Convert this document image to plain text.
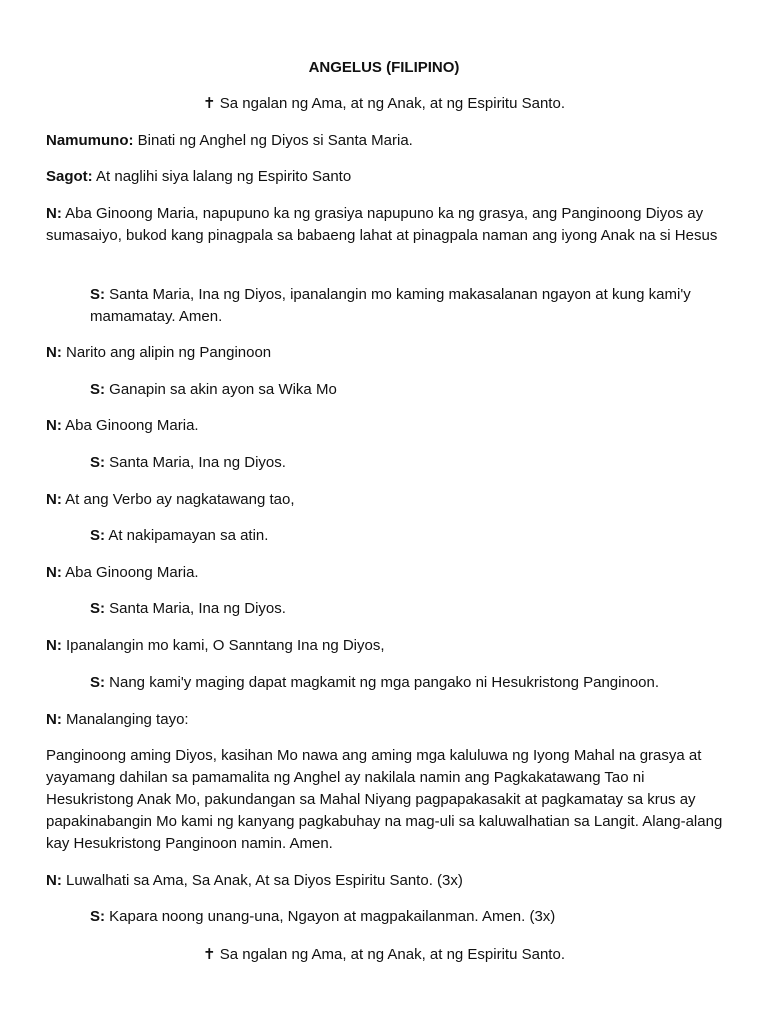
ANGELUS (FILIPINO)
✝ Sa ngalan ng Ama, at ng Anak, at ng Espiritu Santo.
Namumuno: Binati ng Anghel ng Diyos si Santa Maria.
Sagot: At naglihi siya lalang ng Espirito Santo
N: Aba Ginoong Maria, napupuno ka ng grasiya napupuno ka ng grasya, ang Panginoong Diyos ay sumasaiyo, bukod kang pinagpala sa babaeng lahat at pinagpala naman ang iyong Anak na si Hesus
S: Santa Maria, Ina ng Diyos, ipanalangin mo kaming makasalanan ngayon at kung kami'y mamamatay. Amen.
N: Narito ang alipin ng Panginoon
S: Ganapin sa akin ayon sa Wika Mo
N: Aba Ginoong Maria.
S: Santa Maria, Ina ng Diyos.
N: At ang Verbo ay nagkatawang tao,
S: At nakipamayan sa atin.
N: Aba Ginoong Maria.
S: Santa Maria, Ina ng Diyos.
N: Ipanalangin mo kami, O Sanntang Ina ng Diyos,
S: Nang kami'y maging dapat magkamit ng mga pangako ni Hesukristong Panginoon.
N: Manalanging tayo:
Panginoong aming Diyos, kasihan Mo nawa ang aming mga kaluluwa ng Iyong Mahal na grasya at yayamang dahilan sa pamamalita ng Anghel ay nakilala namin ang Pagkakatawang Tao ni Hesukristong Anak Mo, pakundangan sa Mahal Niyang pagpapakasakit at pagkamatay sa krus ay papakinabangin Mo kami ng kanyang pagkabuhay na mag-uli sa kaluwalhatian sa Langit. Alang-alang kay Hesukristong Panginoon namin. Amen.
N: Luwalhati sa Ama, Sa Anak, At sa Diyos Espiritu Santo. (3x)
S: Kapara noong unang-una, Ngayon at magpakailanman. Amen. (3x)
✝ Sa ngalan ng Ama, at ng Anak, at ng Espiritu Santo.
